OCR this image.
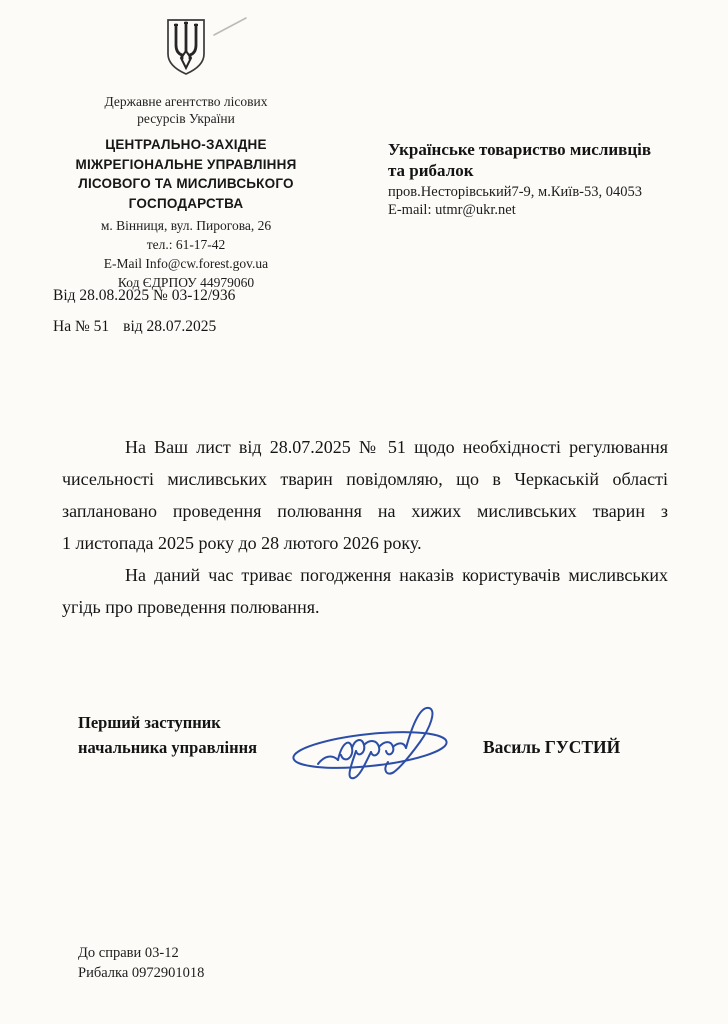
Державне агентство лісових
ресурсів України
ЦЕНТРАЛЬНО-ЗАХІДНЕ
МІЖРЕГІОНАЛЬНЕ УПРАВЛІННЯ
ЛІСОВОГО ТА МИСЛИВСЬКОГО
ГОСПОДАРСТВА
м. Вінниця, вул. Пирогова, 26
тел.: 61-17-42
E-Mail Info@cw.forest.gov.ua
Код ЄДРПОУ 44979060
Від 28.08.2025 № 03-12/936
На № 51 від 28.07.2025
Українське товариство мисливців
та рибалок
пров.Несторівський7-9, м.Київ-53, 04053
E-mail: utmr@ukr.net
На Ваш лист від 28.07.2025 № 51 щодо необхідності регулювання
чисельності мисливських тварин повідомляю, що в Черкаській області
заплановано проведення полювання на хижих мисливських тварин з
1 листопада 2025 року до 28 лютого 2026 року.
На даний час триває погодження наказів користувачів мисливських
угідь про проведення полювання.
Перший заступник
начальника управління	Василь ГУСТИЙ
До справи 03-12
Рибалка 0972901018
